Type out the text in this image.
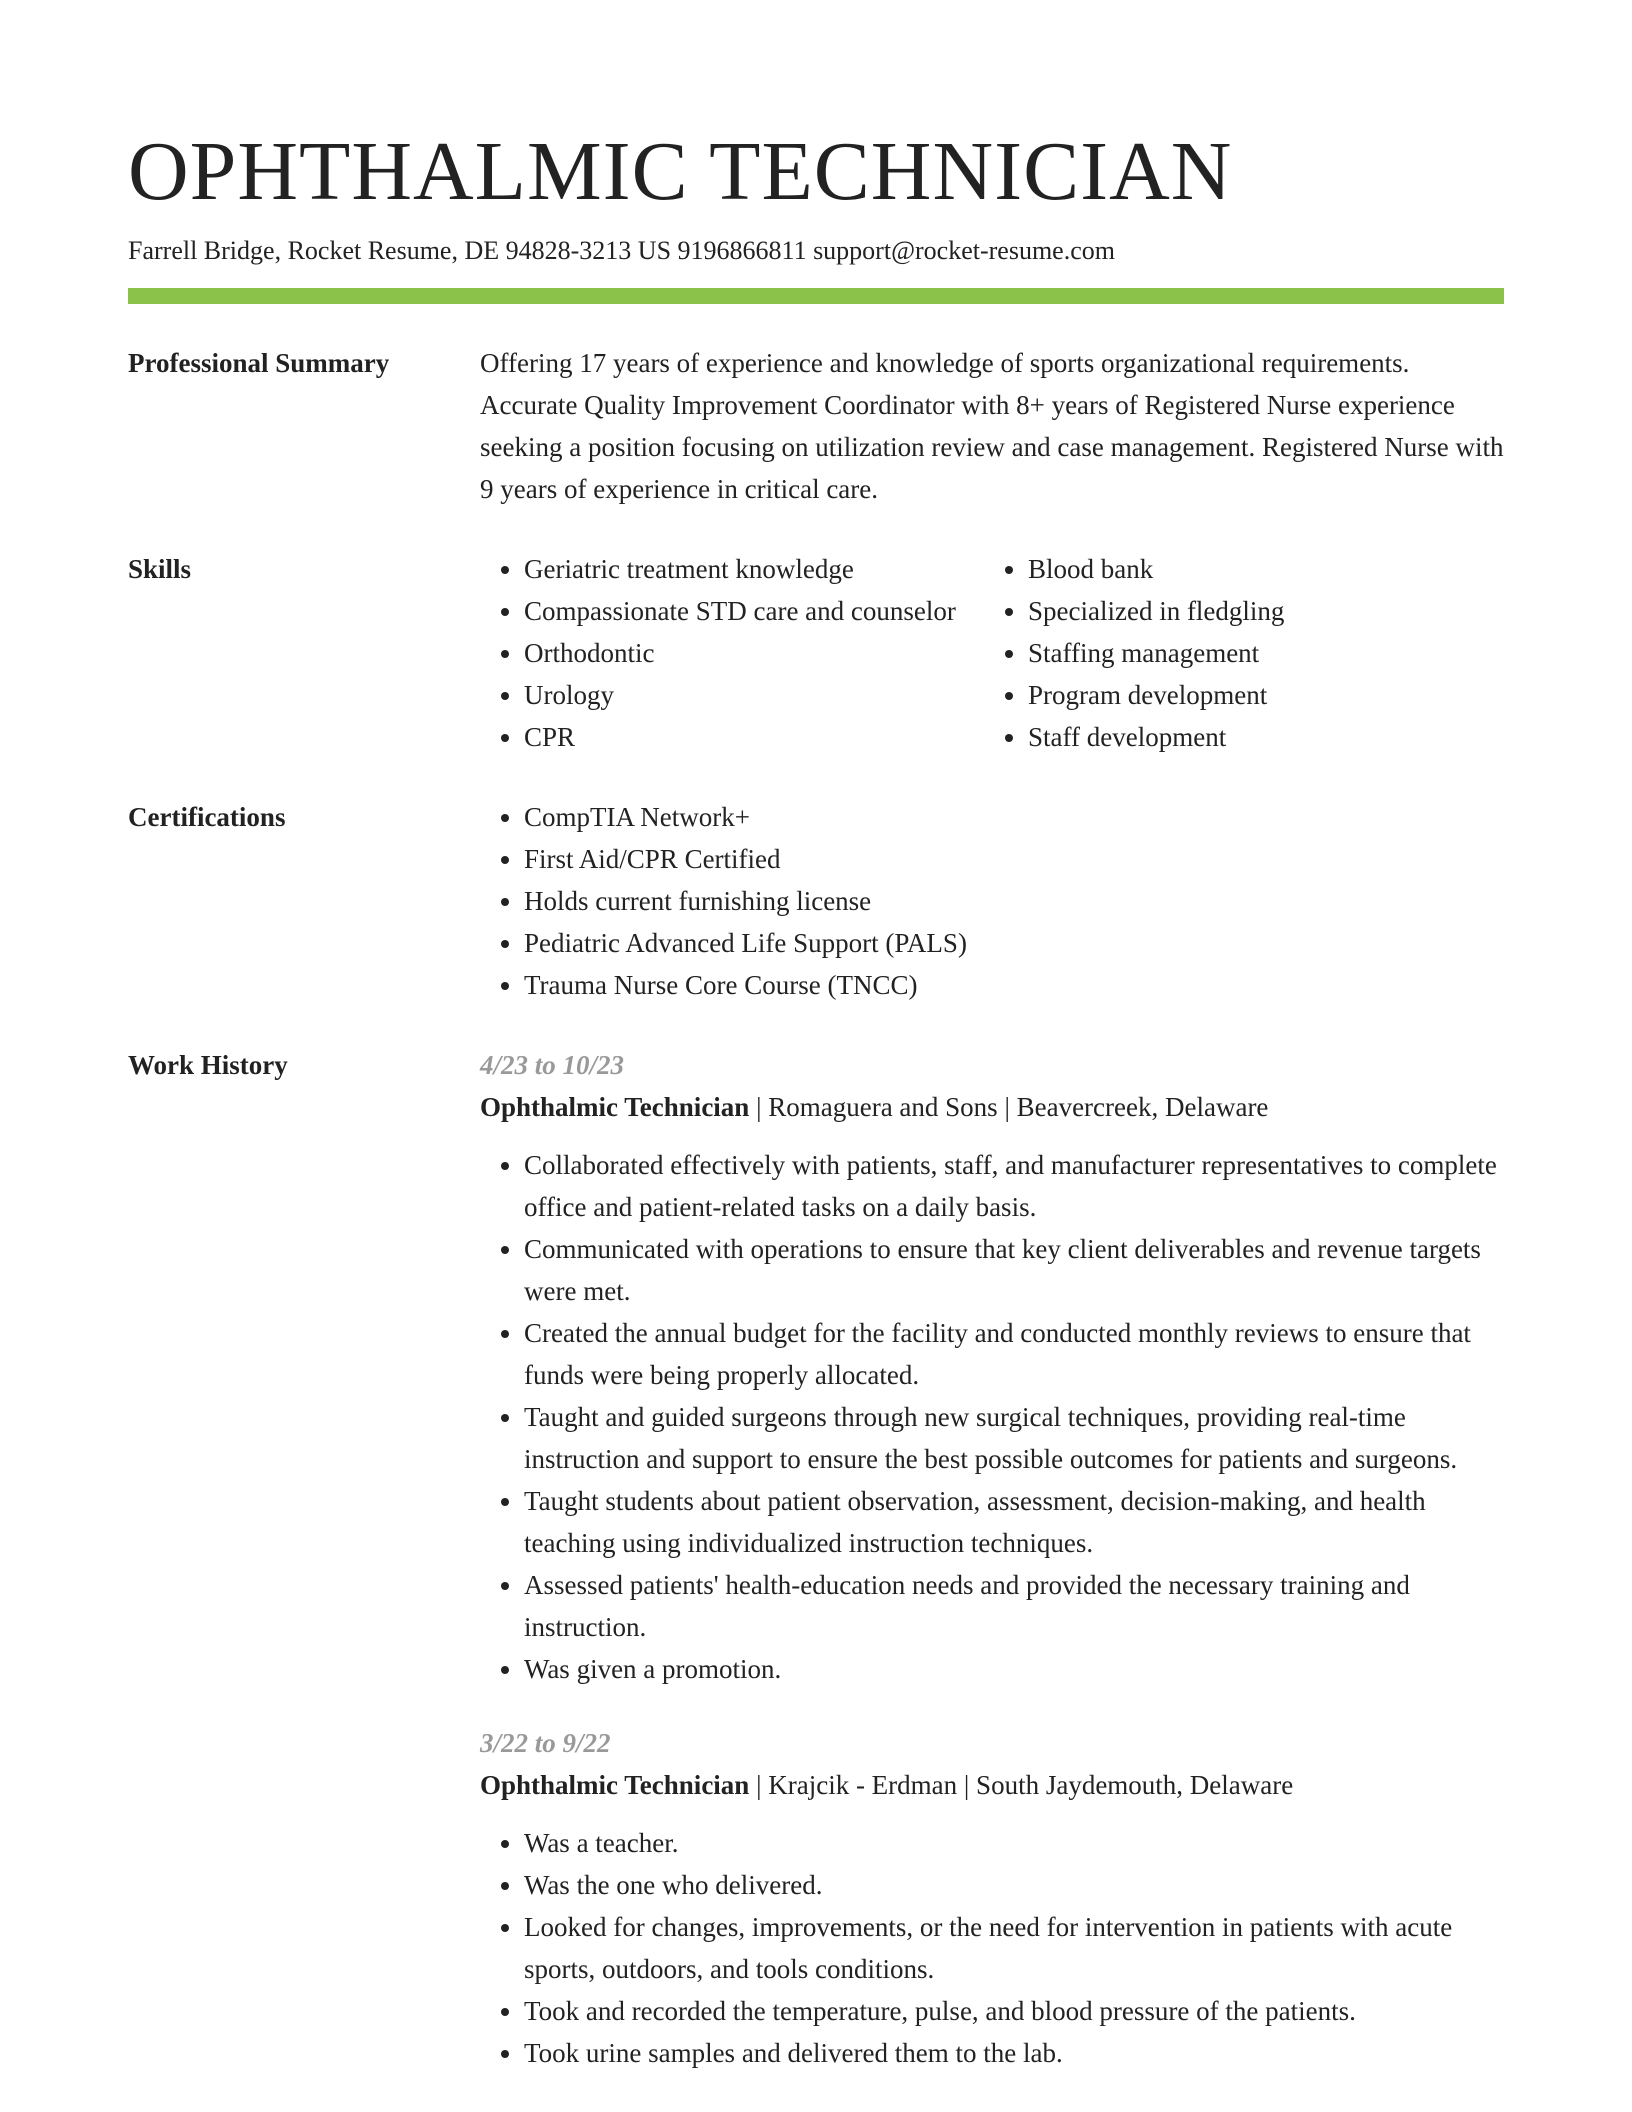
OPHTHALMIC TECHNICIAN
Farrell Bridge, Rocket Resume, DE 94828-3213 US 9196866811 support@rocket-resume.com
Professional Summary	Offering 17 years of experience and knowledge of sports organizational requirements. Accurate Quality Improvement Coordinator with 8+ years of Registered Nurse experience seeking a position focusing on utilization review and case management. Registered Nurse with 9 years of experience in critical care.

Skills	• Geriatric treatment knowledge
• Compassionate STD care and counselor
• Orthodontic
• Urology
• CPR
• Blood bank
• Specialized in fledgling
• Staffing management
• Program development
• Staff development
Certifications	• CompTIA Network+
• First Aid/CPR Certified
• Holds current furnishing license
• Pediatric Advanced Life Support (PALS)
• Trauma Nurse Core Course (TNCC)
Work History	4/23 to 10/23
Ophthalmic Technician | Romaguera and Sons | Beavercreek, Delaware
• Collaborated effectively with patients, staff, and manufacturer representatives to complete office and patient-related tasks on a daily basis.
• Communicated with operations to ensure that key client deliverables and revenue targets were met.
• Created the annual budget for the facility and conducted monthly reviews to ensure that funds were being properly allocated.
• Taught and guided surgeons through new surgical techniques, providing real-time instruction and support to ensure the best possible outcomes for patients and surgeons.
• Taught students about patient observation, assessment, decision-making, and health teaching using individualized instruction techniques.
• Assessed patients' health-education needs and provided the necessary training and instruction.
• Was given a promotion.
3/22 to 9/22
Ophthalmic Technician | Krajcik - Erdman | South Jaydemouth, Delaware
• Was a teacher.
• Was the one who delivered.
• Looked for changes, improvements, or the need for intervention in patients with acute sports, outdoors, and tools conditions.
• Took and recorded the temperature, pulse, and blood pressure of the patients.
• Took urine samples and delivered them to the lab.
